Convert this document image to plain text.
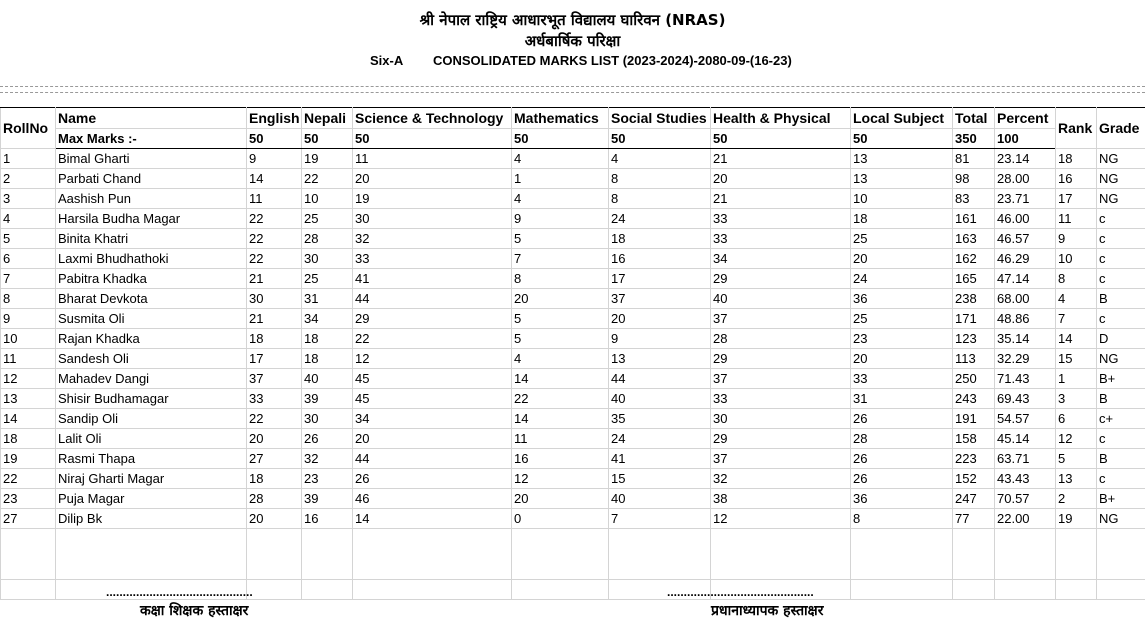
श्री नेपाल राष्ट्रिय आधारभूत विद्यालय घारिवन (NRAS)
अर्धबार्षिक परिक्षा
Six-A CONSOLIDATED MARKS LIST (2023-2024)-2080-09-(16-23)
RollNo	Name	English	Nepali	Science & Technology	Mathematics	Social Studies	Health & Physical	Local Subject	Total	Percent	Rank	Grade
	Max Marks :-	50	50	50	50	50	50	50	350	100		
1	Bimal Gharti	9	19	11	4	4	21	13	81	23.14	18	NG
2	Parbati Chand	14	22	20	1	8	20	13	98	28.00	16	NG
3	Aashish Pun	11	10	19	4	8	21	10	83	23.71	17	NG
4	Harsila Budha Magar	22	25	30	9	24	33	18	161	46.00	11	c
5	Binita Khatri	22	28	32	5	18	33	25	163	46.57	9	c
6	Laxmi Bhudhathoki	22	30	33	7	16	34	20	162	46.29	10	c
7	Pabitra Khadka	21	25	41	8	17	29	24	165	47.14	8	c
8	Bharat Devkota	30	31	44	20	37	40	36	238	68.00	4	B
9	Susmita Oli	21	34	29	5	20	37	25	171	48.86	7	c
10	Rajan Khadka	18	18	22	5	9	28	23	123	35.14	14	D
11	Sandesh Oli	17	18	12	4	13	29	20	113	32.29	15	NG
12	Mahadev Dangi	37	40	45	14	44	37	33	250	71.43	1	B+
13	Shisir Budhamagar	33	39	45	22	40	33	31	243	69.43	3	B
14	Sandip Oli	22	30	34	14	35	30	26	191	54.57	6	c+
18	Lalit Oli	20	26	20	11	24	29	28	158	45.14	12	c
19	Rasmi Thapa	27	32	44	16	41	37	26	223	63.71	5	B
22	Niraj Gharti Magar	18	23	26	12	15	32	26	152	43.43	13	c
23	Puja Magar	28	39	46	20	40	38	36	247	70.57	2	B+
27	Dilip Bk	20	16	14	0	7	12	8	77	22.00	19	NG

............................................	............................................
कक्षा शिक्षक हस्ताक्षर	प्रधानाध्यापक हस्ताक्षर
